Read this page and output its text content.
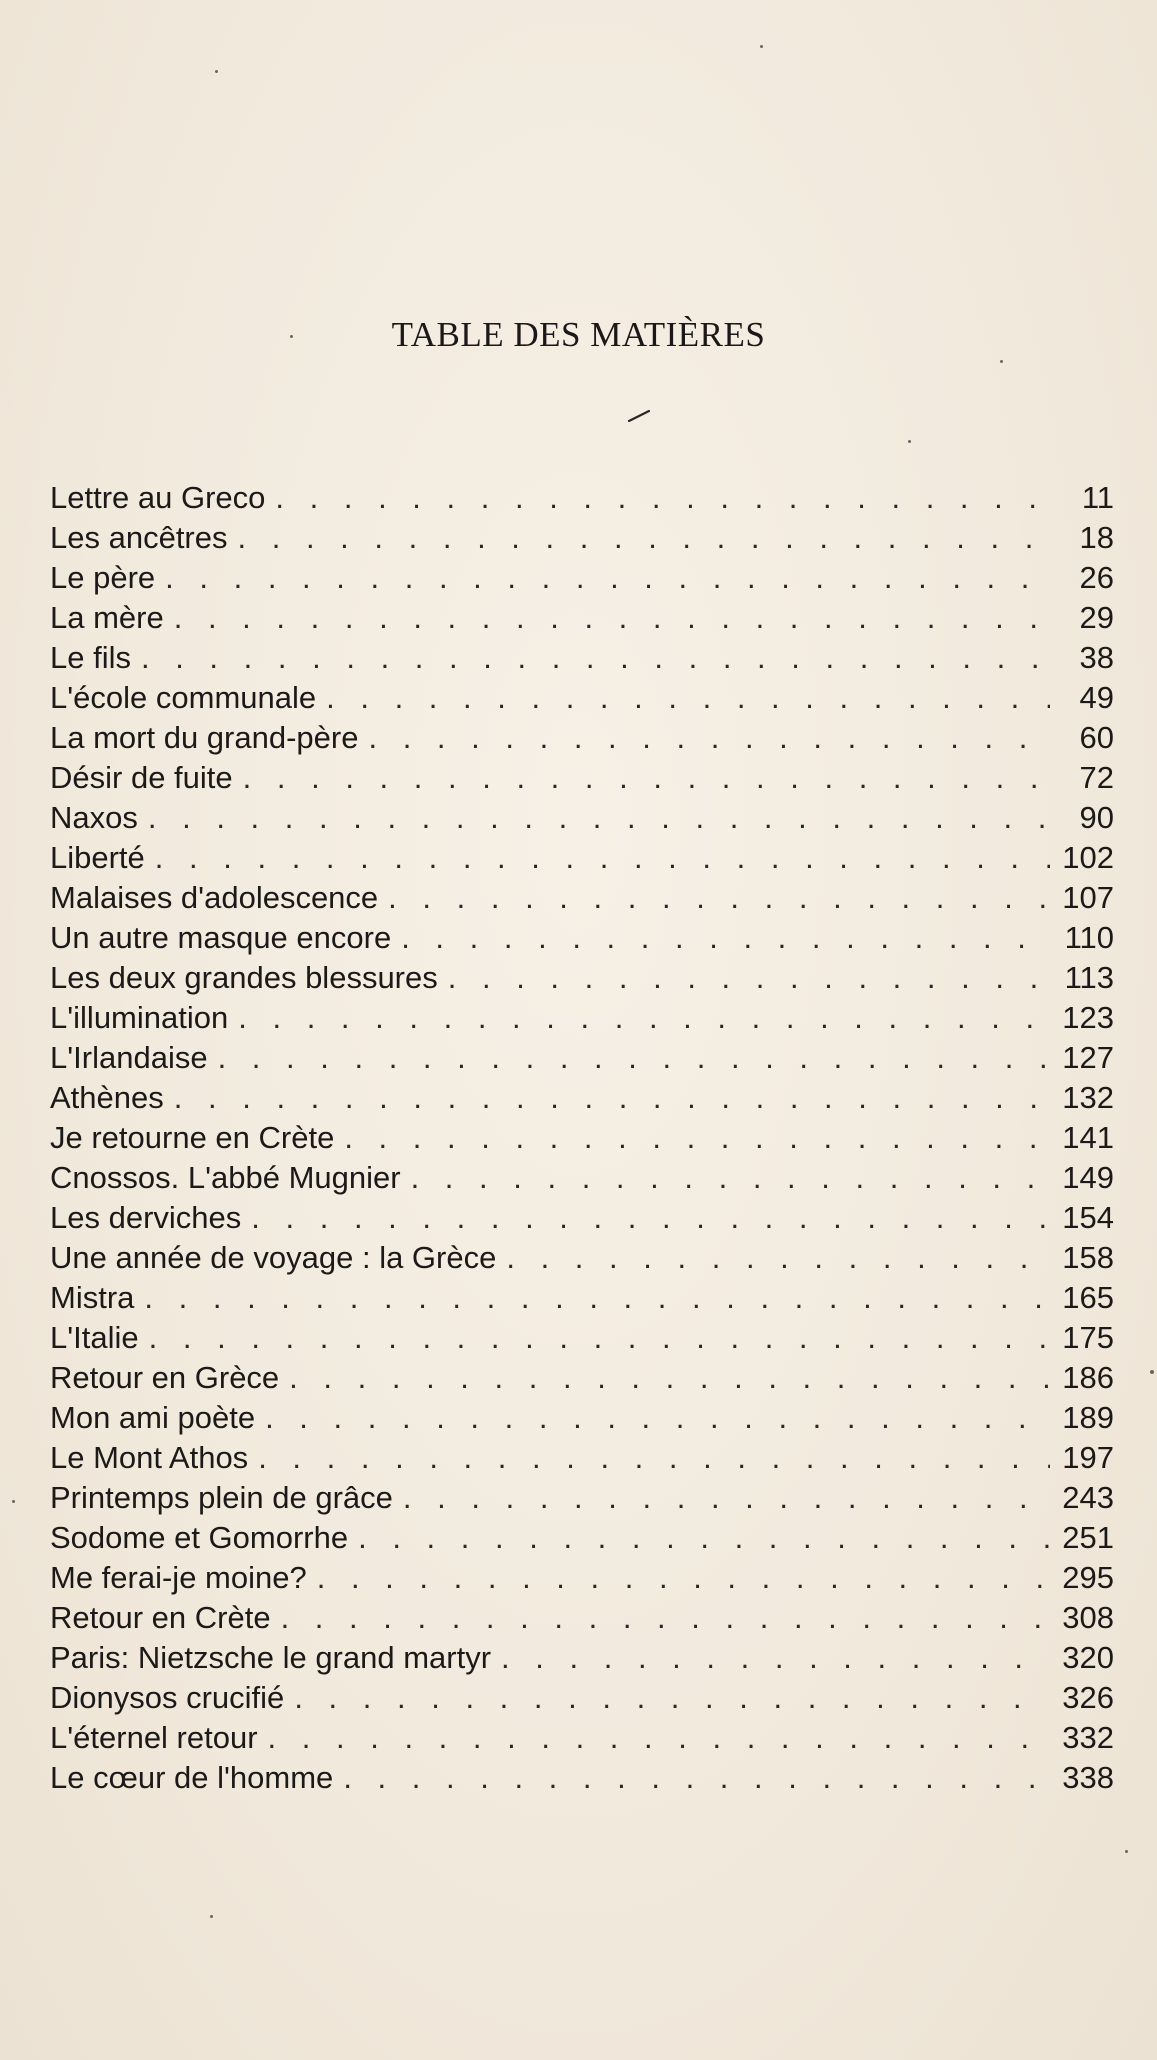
TABLE DES MATIÈRES
Lettre au Greco . . .	11
Les ancêtres . . .	18
Le père . . .	26
La mère . . .	29
Le fils . . .	38
L'école communale . . .	49
La mort du grand-père . . .	60
Désir de fuite . . .	72
Naxos . . .	90
Liberté . . .	102
Malaises d'adolescence . . .	107
Un autre masque encore . . .	110
Les deux grandes blessures . . .	113
L'illumination . . .	123
L'Irlandaise . . .	127
Athènes . . .	132
Je retourne en Crète . . .	141
Cnossos. L'abbé Mugnier . . .	149
Les derviches . . .	154
Une année de voyage : la Grèce . . .	158
Mistra . . .	165
L'Italie . . .	175
Retour en Grèce . . .	186
Mon ami poète . . .	189
Le Mont Athos . . .	197
Printemps plein de grâce . . .	243
Sodome et Gomorrhe . . .	251
Me ferai-je moine? . . .	295
Retour en Crète . . .	308
Paris: Nietzsche le grand martyr . . .	320
Dionysos crucifié . . .	326
L'éternel retour . . .	332
Le cœur de l'homme . . .	338
